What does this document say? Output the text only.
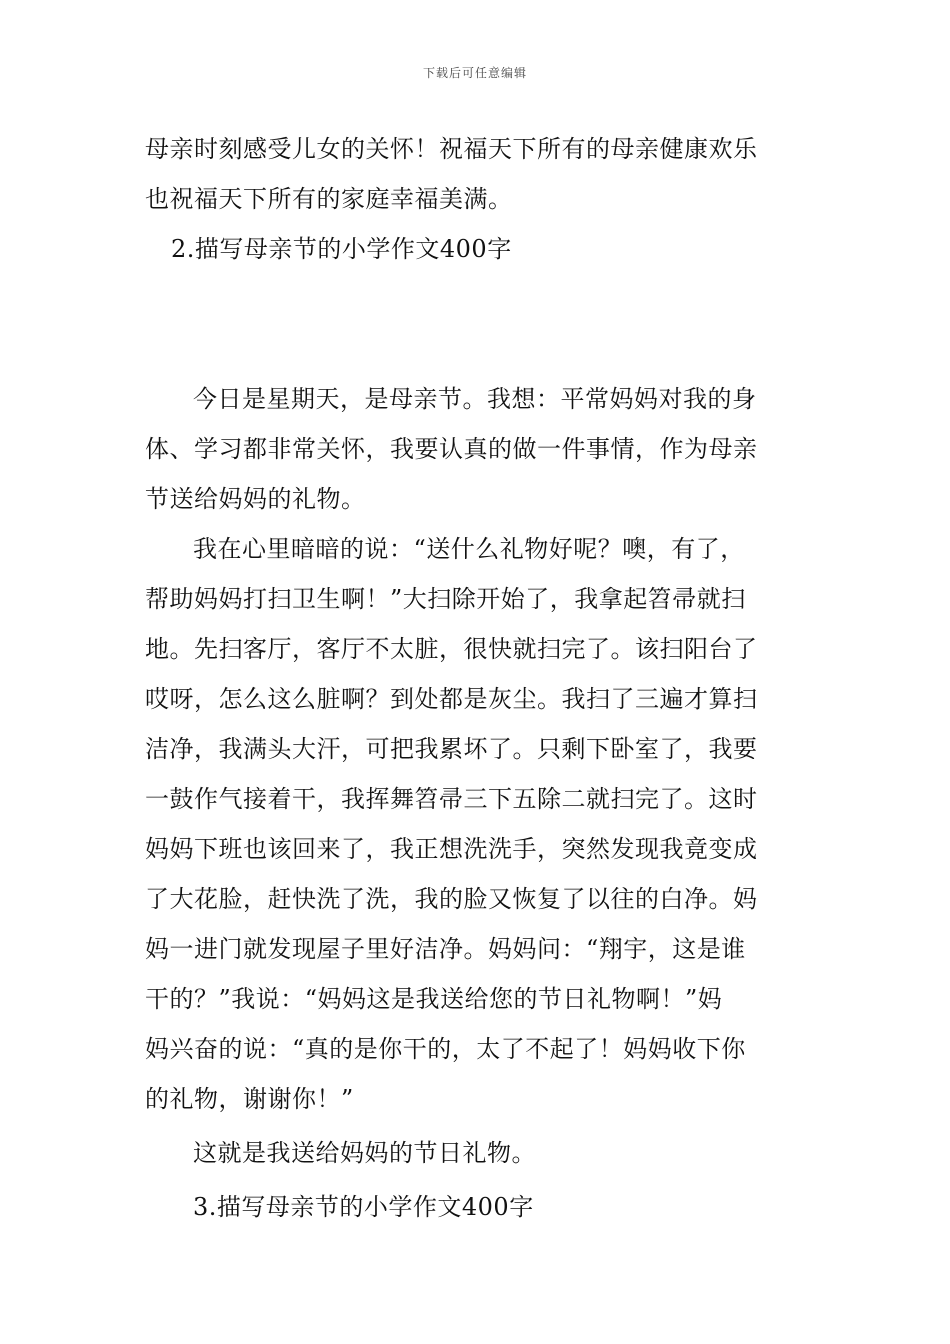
下载后可任意编辑
母亲时刻感受儿女的关怀！祝福天下所有的母亲健康欢乐
也祝福天下所有的家庭幸福美满。
2.描写母亲节的小学作文400字
今日是星期天，是母亲节。我想：平常妈妈对我的身
体、学习都非常关怀，我要认真的做一件事情，作为母亲
节送给妈妈的礼物。
我在心里暗暗的说：“送什么礼物好呢？噢，有了，
帮助妈妈打扫卫生啊！”大扫除开始了，我拿起笤帚就扫
地。先扫客厅，客厅不太脏，很快就扫完了。该扫阳台了
哎呀，怎么这么脏啊？到处都是灰尘。我扫了三遍才算扫
洁净，我满头大汗，可把我累坏了。只剩下卧室了，我要
一鼓作气接着干，我挥舞笤帚三下五除二就扫完了。这时
妈妈下班也该回来了，我正想洗洗手，突然发现我竟变成
了大花脸，赶快洗了洗，我的脸又恢复了以往的白净。妈
妈一进门就发现屋子里好洁净。妈妈问：“翔宇，这是谁
干的？”我说：“妈妈这是我送给您的节日礼物啊！”妈
妈兴奋的说：“真的是你干的，太了不起了！妈妈收下你
的礼物，谢谢你！”
这就是我送给妈妈的节日礼物。
3.描写母亲节的小学作文400字
